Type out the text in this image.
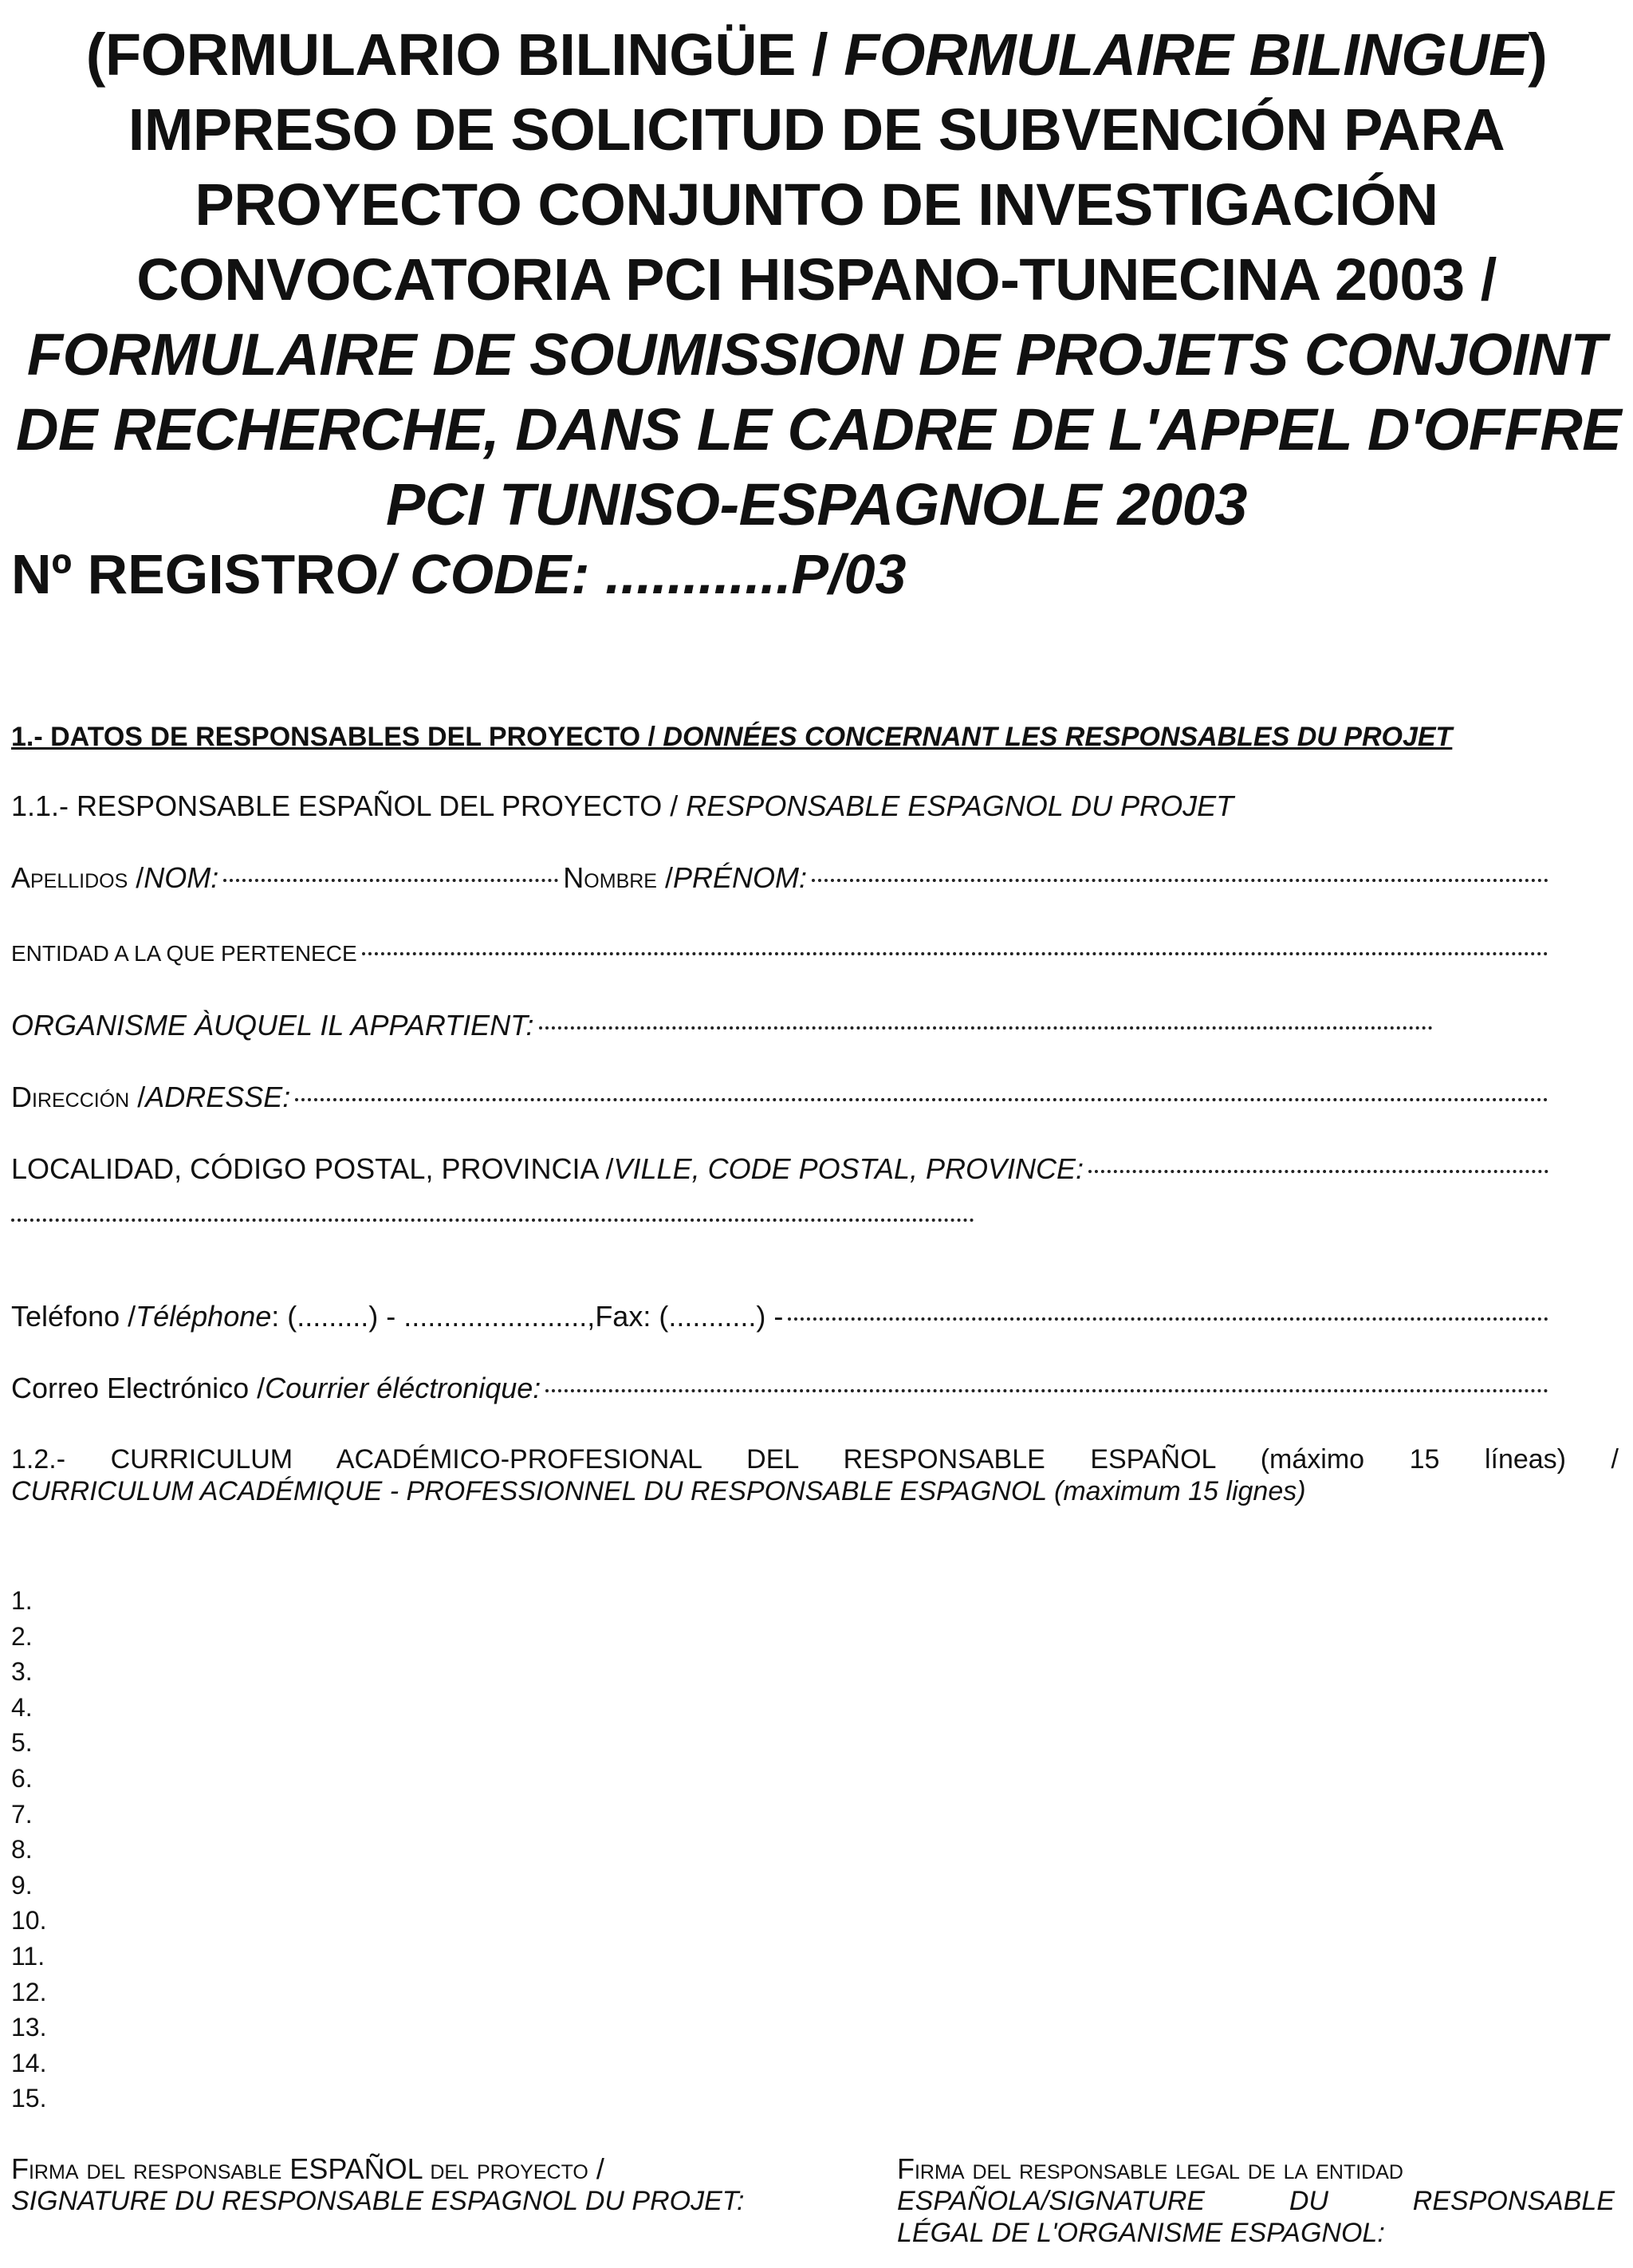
(FORMULARIO BILINGÜE / FORMULAIRE BILINGUE)
IMPRESO DE SOLICITUD DE SUBVENCIÓN PARA
PROYECTO CONJUNTO DE INVESTIGACIÓN
CONVOCATORIA PCI HISPANO-TUNECINA 2003 /
FORMULAIRE DE SOUMISSION DE PROJETS CONJOINT
DE RECHERCHE, DANS LE CADRE DE L'APPEL D'OFFRE
PCI TUNISO-ESPAGNOLE 2003
Nº REGISTRO/ CODE: ............P/03
1.- DATOS DE RESPONSABLES DEL PROYECTO / DONNÉES CONCERNANT LES RESPONSABLES DU PROJET
1.1.- RESPONSABLE ESPAÑOL DEL PROYECTO / RESPONSABLE ESPAGNOL DU PROJET
Apellidos / NOM:	Nombre / PRÉNOM:
ENTIDAD A LA QUE PERTENECE
ORGANISME ÀUQUEL IL APPARTIENT:
Dirección / ADRESSE:
LOCALIDAD, CÓDIGO POSTAL, PROVINCIA / VILLE, CODE POSTAL, PROVINCE:
Teléfono / Téléphone : (.........) - ......................., Fax: (...........) -
Correo Electrónico / Courrier éléctronique:
1.2.- CURRICULUM ACADÉMICO-PROFESIONAL DEL RESPONSABLE ESPAÑOL (máximo 15 líneas) /
CURRICULUM ACADÉMIQUE - PROFESSIONNEL DU RESPONSABLE ESPAGNOL (maximum 15 lignes)
1.
2.
3.
4.
5.
6.
7.
8.
9.
10.
11.
12.
13.
14.
15.
Firma del responsable ESPAÑOL del proyecto /
SIGNATURE DU RESPONSABLE ESPAGNOL DU PROJET:
Firma del responsable legal de la entidad
ESPAÑOLA/SIGNATURE DU RESPONSABLE
LÉGAL DE L'ORGANISME ESPAGNOL:
